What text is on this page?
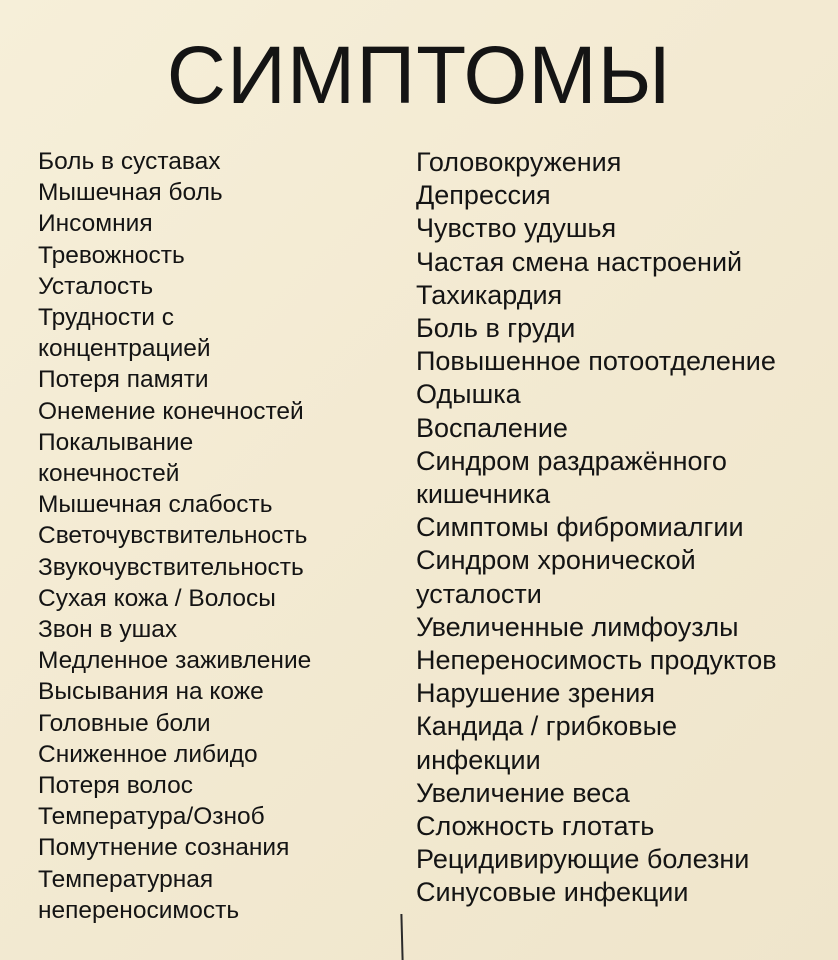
СИМПТОМЫ
Боль в суставах
Мышечная боль
Инсомния
Тревожность
Усталость
Трудности с концентрацией
Потеря памяти
Онемение конечностей
Покалывание конечностей
Мышечная слабость
Светочувствительность
Звукочувствительность
Сухая кожа / Волосы
Звон в ушах
Медленное заживление
Высывания на коже
Головные боли
Сниженное либидо
Потеря волос
Температура/Озноб
Помутнение сознания
Температурная непереносимость
Головокружения
Депрессия
Чувство удушья
Частая смена настроений
Тахикардия
Боль в груди
Повышенное потоотделение
Одышка
Воспаление
Синдром раздражённого кишечника
Симптомы фибромиалгии
Синдром хронической усталости
Увеличенные лимфоузлы
Непереносимость продуктов
Нарушение зрения
Кандида / грибковые инфекции
Увеличение веса
Сложность глотать
Рецидивирующие болезни
Синусовые инфекции
